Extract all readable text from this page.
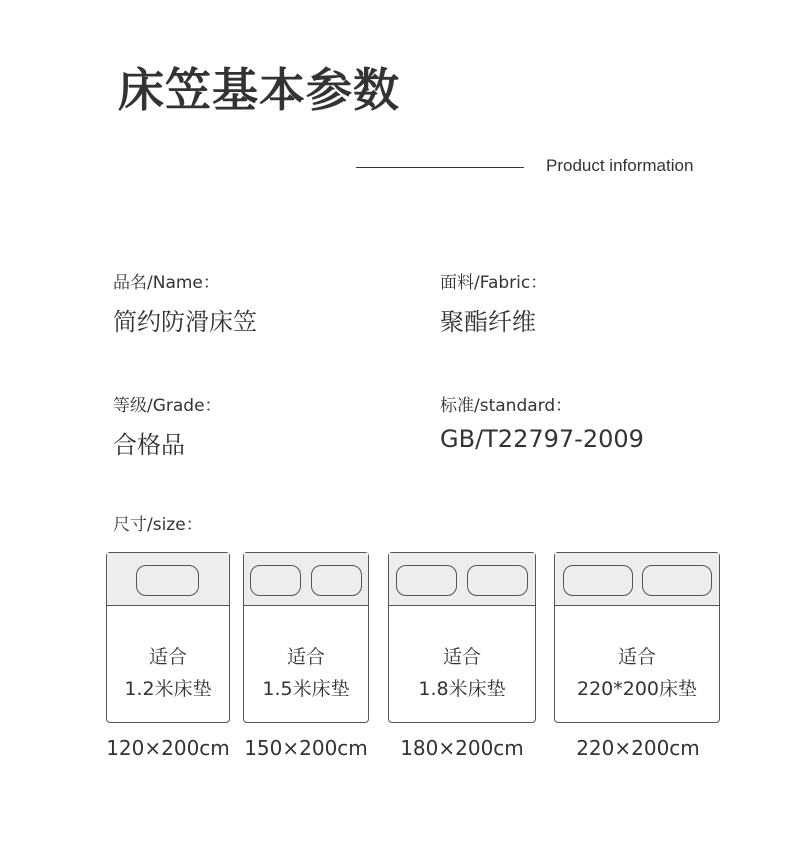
床笠基本参数
Product information
品名/Name：
简约防滑床笠
面料/Fabric：
聚酯纤维
等级/Grade：
合格品
标准/standard：
GB/T22797-2009
尺寸/size：
适合
1.2米床垫
120×200cm
适合
1.5米床垫
150×200cm
适合
1.8米床垫
180×200cm
适合
220*200床垫
220×200cm
